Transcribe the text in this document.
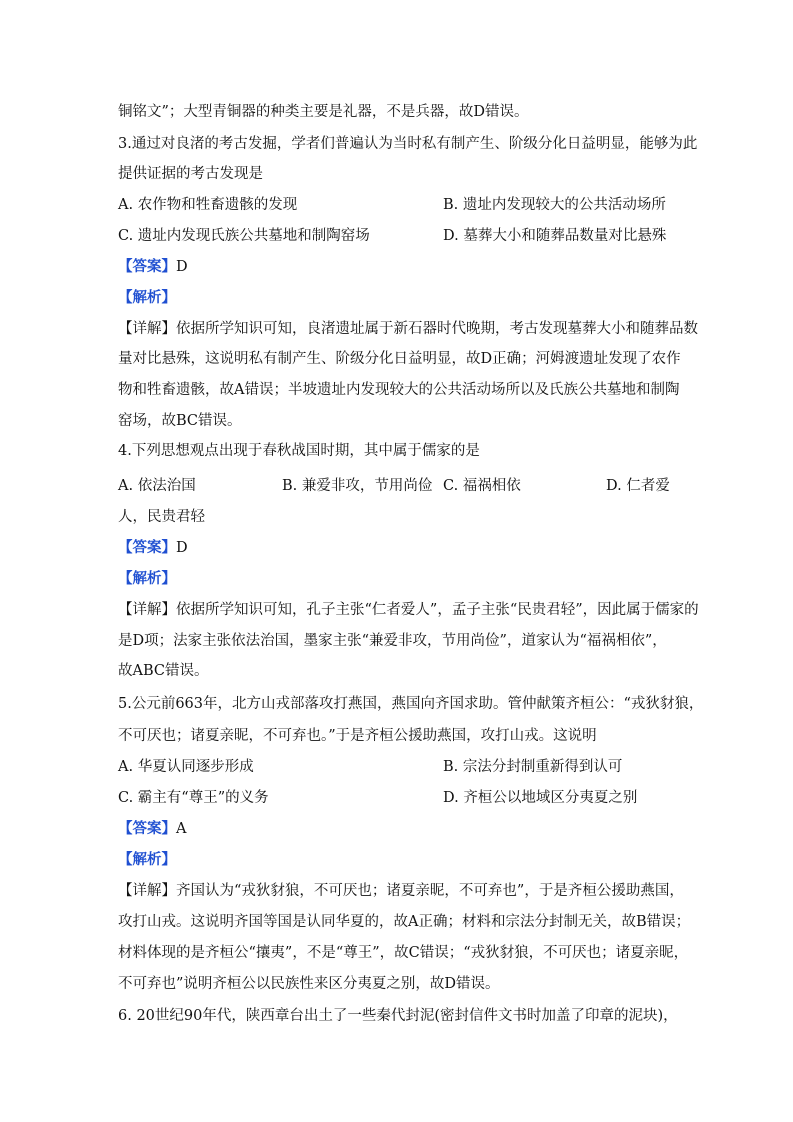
铜铭文”；大型青铜器的种类主要是礼器，不是兵器，故D错误。
3.通过对良渚的考古发掘，学者们普遍认为当时私有制产生、阶级分化日益明显，能够为此
提供证据的考古发现是
A. 农作物和牲畜遗骸的发现	B. 遗址内发现较大的公共活动场所
C. 遗址内发现氏族公共墓地和制陶窑场	D. 墓葬大小和随葬品数量对比悬殊
【答案】D
【解析】
【详解】依据所学知识可知，良渚遗址属于新石器时代晚期，考古发现墓葬大小和随葬品数
量对比悬殊，这说明私有制产生、阶级分化日益明显，故D正确；河姆渡遗址发现了农作
物和牲畜遗骸，故A错误；半坡遗址内发现较大的公共活动场所以及氏族公共墓地和制陶
窑场，故BC错误。
4.下列思想观点出现于春秋战国时期，其中属于儒家的是
A. 依法治国	B. 兼爱非攻，节用尚俭 C. 福祸相依	D. 仁者爱
人，民贵君轻
【答案】D
【解析】
【详解】依据所学知识可知，孔子主张“仁者爱人”，孟子主张“民贵君轻”，因此属于儒家的
是D项；法家主张依法治国，墨家主张“兼爱非攻，节用尚俭”，道家认为“福祸相依”，
故ABC错误。
5.公元前663年，北方山戎部落攻打燕国，燕国向齐国求助。管仲献策齐桓公：“戎狄豺狼，
不可厌也；诸夏亲昵，不可弃也。”于是齐桓公援助燕国，攻打山戎。这说明
A. 华夏认同逐步形成	B. 宗法分封制重新得到认可
C. 霸主有“尊王”的义务	D. 齐桓公以地域区分夷夏之别
【答案】A
【解析】
【详解】齐国认为“戎狄豺狼，不可厌也；诸夏亲昵，不可弃也”，于是齐桓公援助燕国，
攻打山戎。这说明齐国等国是认同华夏的，故A正确；材料和宗法分封制无关，故B错误；
材料体现的是齐桓公“攘夷”，不是“尊王”，故C错误；“戎狄豺狼，不可厌也；诸夏亲昵，
不可弃也”说明齐桓公以民族性来区分夷夏之别，故D错误。
6. 20世纪90年代，陕西章台出土了一些秦代封泥(密封信件文书时加盖了印章的泥块)，
